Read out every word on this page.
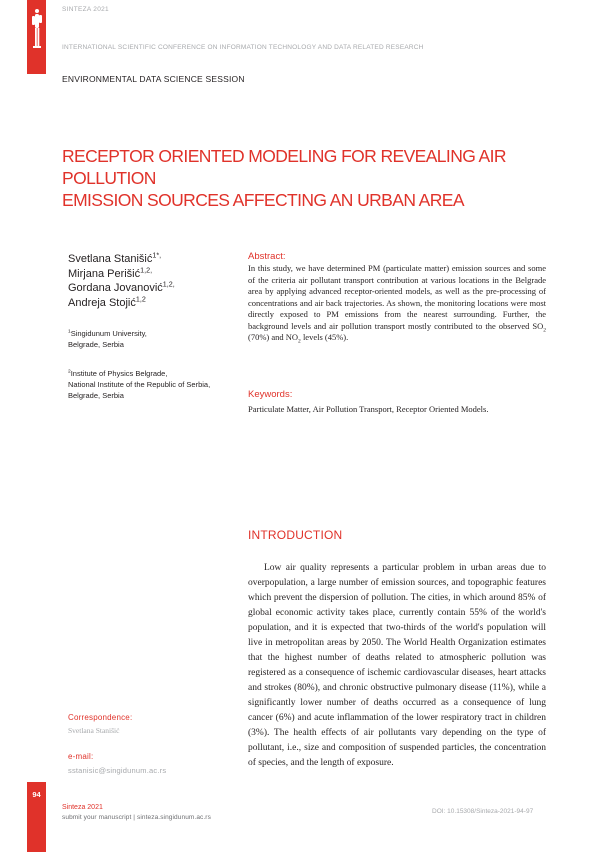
SINTEZA 2021
INTERNATIONAL SCIENTIFIC CONFERENCE ON INFORMATION TECHNOLOGY AND DATA RELATED RESEARCH
ENVIRONMENTAL DATA SCIENCE SESSION
RECEPTOR ORIENTED MODELING FOR REVEALING AIR POLLUTION
EMISSION SOURCES AFFECTING AN URBAN AREA
Svetlana Stanišić$^{1*,}$
Mirjana Perišić$^{1,2,}$
Gordana Jovanović$^{1,2,}$
Andreja Stojić$^{1,2}$
$^1$Singidunum University,
Belgrade, Serbia
$^2$Institute of Physics Belgrade,
National Institute of the Republic of Serbia,
Belgrade, Serbia
Abstract:
In this study, we have determined PM (particulate matter) emission sources and some of the criteria air pollutant transport contribution at various locations in the Belgrade area by applying advanced receptor-oriented models, as well as the pre-processing of concentrations and air back trajectories. As shown, the monitoring locations were most directly exposed to PM emissions from the nearest surrounding. Further, the background levels and air pollution transport mostly contributed to the observed $SO_2$ (70%) and $NO_2$ levels (45%).
Keywords:
Particulate Matter, Air Pollution Transport, Receptor Oriented Models.
INTRODUCTION

Low air quality represents a particular problem in urban areas due to overpopulation, a large number of emission sources, and topographic features which prevent the dispersion of pollution. The cities, in which around 85% of global economic activity takes place, currently contain 55% of the world's population, and it is expected that two-thirds of the world's population will live in metropolitan areas by 2050. The World Health Organization estimates that the highest number of deaths related to atmospheric pollution was registered as a consequence of ischemic cardiovascular diseases, heart attacks and strokes (80%), and chronic obstructive pulmonary disease (11%), while a significantly lower number of deaths occurred as a consequence of lung cancer (6%) and acute inflammation of the lower respiratory tract in children (3%). The health effects of air pollutants vary depending on the type of pollutant, i.e., size and composition of suspended particles, the concentration of species, and the length of exposure.

Correspondence:
Svetlana Stanišić
e-mail:
sstanisic@singidunum.ac.rs
94
Sinteza 2021
submit your manuscript | sinteza.singidunum.ac.rs
DOI: 10.15308/Sinteza-2021-94-97
